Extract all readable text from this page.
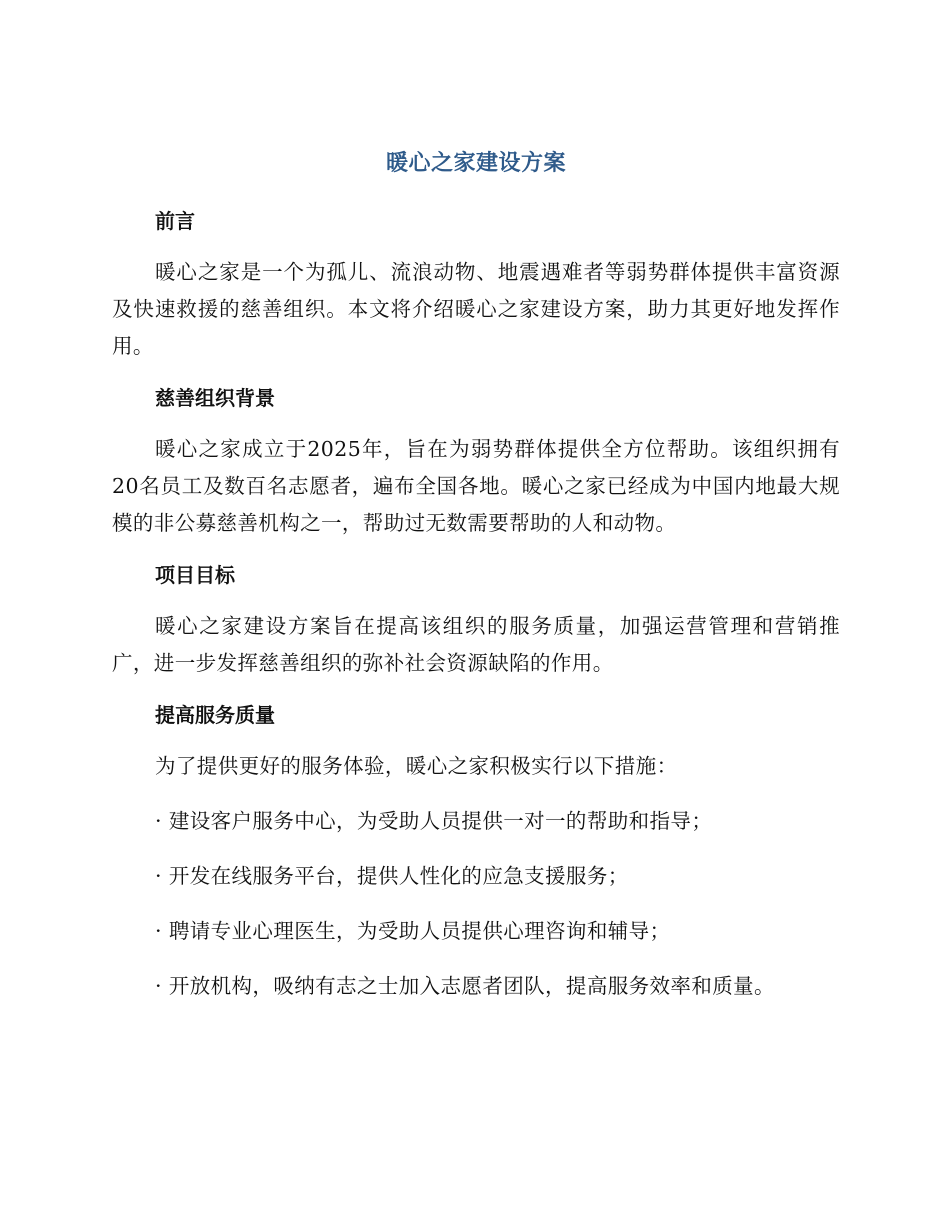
暖心之家建设方案
前言

暖心之家是一个为孤儿、流浪动物、地震遇难者等弱势群体提供丰富资源及快速救援的慈善组织。本文将介绍暖心之家建设方案，助力其更好地发挥作用。

慈善组织背景

暖心之家成立于2025年，旨在为弱势群体提供全方位帮助。该组织拥有20名员工及数百名志愿者，遍布全国各地。暖心之家已经成为中国内地最大规模的非公募慈善机构之一，帮助过无数需要帮助的人和动物。

项目目标

暖心之家建设方案旨在提高该组织的服务质量，加强运营管理和营销推广，进一步发挥慈善组织的弥补社会资源缺陷的作用。

提高服务质量

为了提供更好的服务体验，暖心之家积极实行以下措施：

· 建设客户服务中心，为受助人员提供一对一的帮助和指导；

· 开发在线服务平台，提供人性化的应急支援服务；

· 聘请专业心理医生，为受助人员提供心理咨询和辅导；

· 开放机构，吸纳有志之士加入志愿者团队，提高服务效率和质量。
